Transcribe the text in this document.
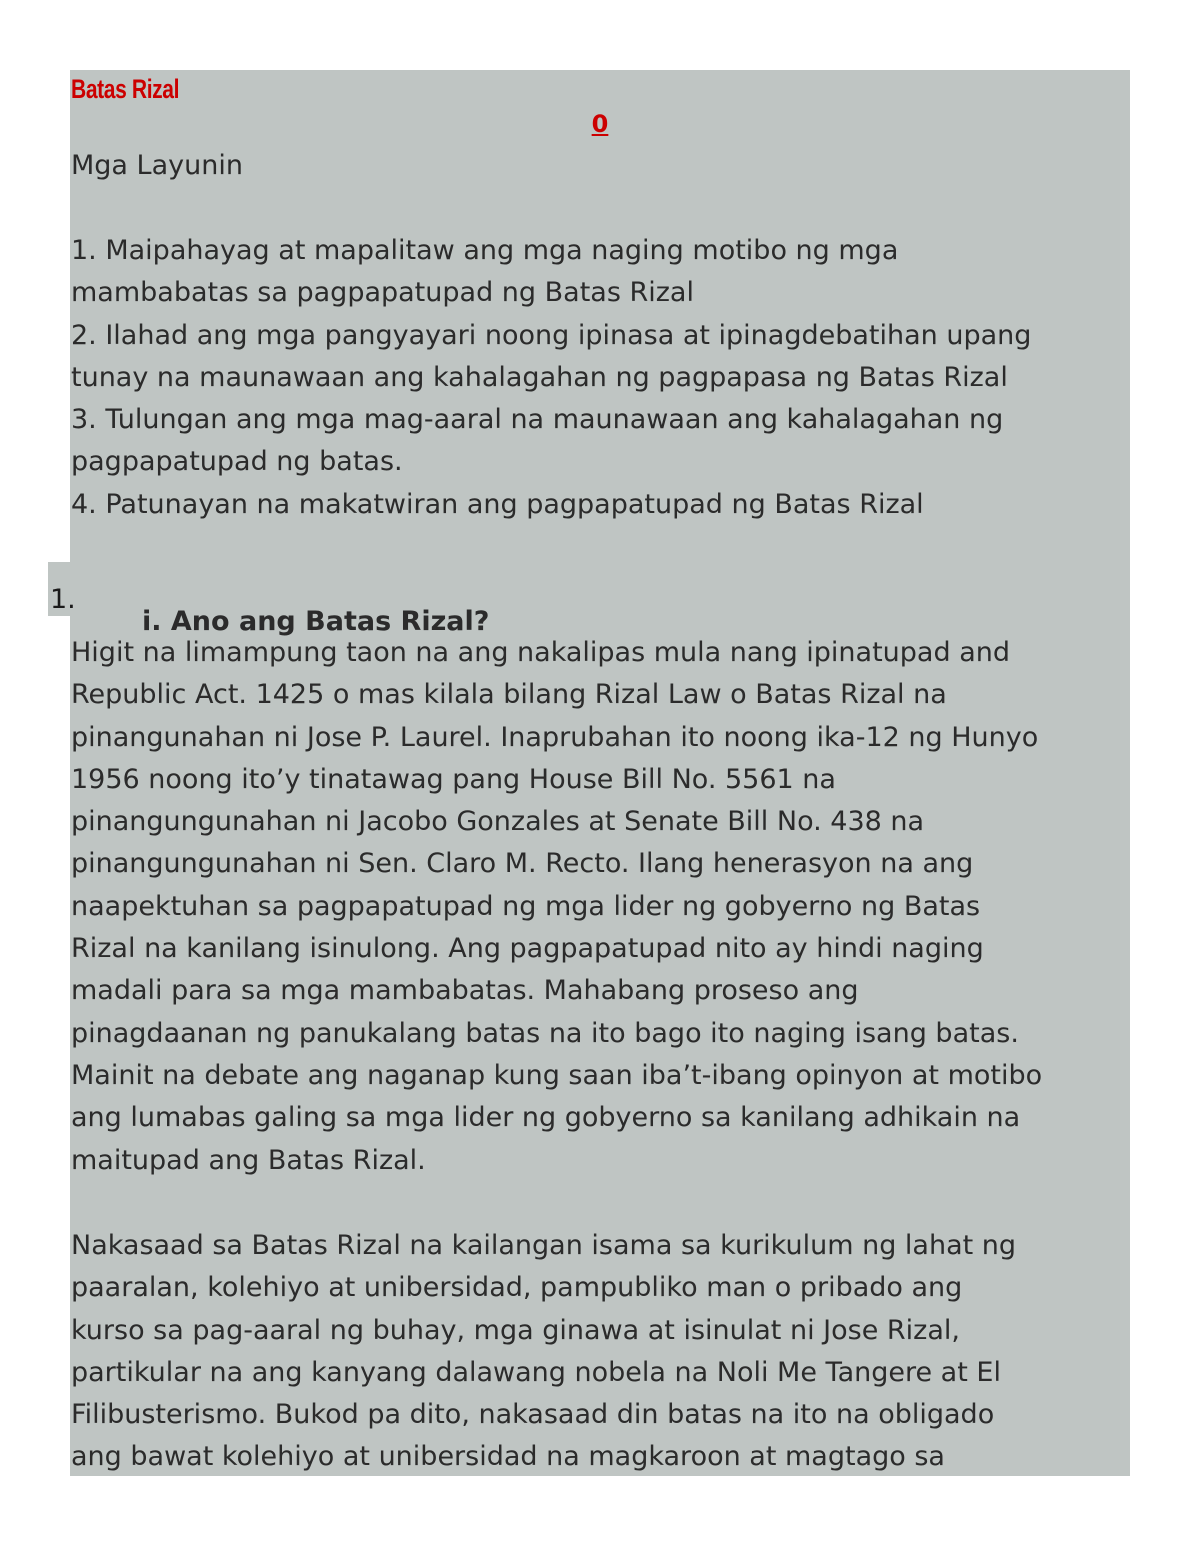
Batas Rizal
0

Mga Layunin

1. Maipahayag at mapalitaw ang mga naging motibo ng mga
mambabatas sa pagpapatupad ng Batas Rizal
2. Ilahad ang mga pangyayari noong ipinasa at ipinagdebatihan upang
tunay na maunawaan ang kahalagahan ng pagpapasa ng Batas Rizal
3. Tulungan ang mga mag-aaral na maunawaan ang kahalagahan ng
pagpapatupad ng batas.
4. Patunayan na makatwiran ang pagpapatupad ng Batas Rizal
1.
i. Ano ang Batas Rizal?
Higit na limampung taon na ang nakalipas mula nang ipinatupad and
Republic Act. 1425 o mas kilala bilang Rizal Law o Batas Rizal na
pinangunahan ni Jose P. Laurel. Inaprubahan ito noong ika-12 ng Hunyo
1956 noong ito’y tinatawag pang House Bill No. 5561 na
pinangungunahan ni Jacobo Gonzales at Senate Bill No. 438 na
pinangungunahan ni Sen. Claro M. Recto. Ilang henerasyon na ang
naapektuhan sa pagpapatupad ng mga lider ng gobyerno ng Batas
Rizal na kanilang isinulong. Ang pagpapatupad nito ay hindi naging
madali para sa mga mambabatas. Mahabang proseso ang
pinagdaanan ng panukalang batas na ito bago ito naging isang batas.
Mainit na debate ang naganap kung saan iba’t-ibang opinyon at motibo
ang lumabas galing sa mga lider ng gobyerno sa kanilang adhikain na
maitupad ang Batas Rizal.
Nakasaad sa Batas Rizal na kailangan isama sa kurikulum ng lahat ng
paaralan, kolehiyo at unibersidad, pampubliko man o pribado ang
kurso sa pag-aaral ng buhay, mga ginawa at isinulat ni Jose Rizal,
partikular na ang kanyang dalawang nobela na Noli Me Tangere at El
Filibusterismo. Bukod pa dito, nakasaad din batas na ito na obligado
ang bawat kolehiyo at unibersidad na magkaroon at magtago sa
